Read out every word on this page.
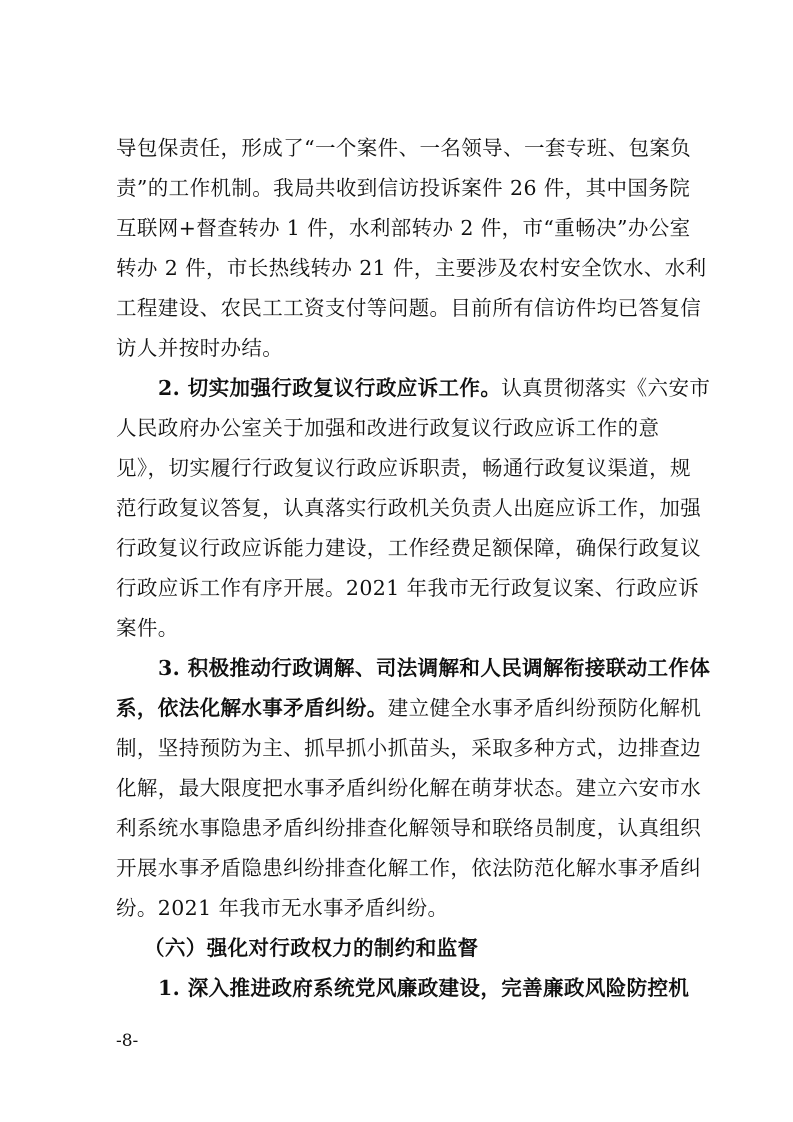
导包保责任，形成了“一个案件、一名领导、一套专班、包案负
责”的工作机制。我局共收到信访投诉案件 26 件，其中国务院
互联网+督查转办 1 件，水利部转办 2 件，市“重畅决”办公室
转办 2 件，市长热线转办 21 件，主要涉及农村安全饮水、水利
工程建设、农民工工资支付等问题。目前所有信访件均已答复信
访人并按时办结。
2. 切实加强行政复议行政应诉工作。认真贯彻落实《六安市
人民政府办公室关于加强和改进行政复议行政应诉工作的意
见》，切实履行行政复议行政应诉职责，畅通行政复议渠道，规
范行政复议答复，认真落实行政机关负责人出庭应诉工作，加强
行政复议行政应诉能力建设，工作经费足额保障，确保行政复议
行政应诉工作有序开展。2021 年我市无行政复议案、行政应诉
案件。
3. 积极推动行政调解、司法调解和人民调解衔接联动工作体
系，依法化解水事矛盾纠纷。建立健全水事矛盾纠纷预防化解机
制，坚持预防为主、抓早抓小抓苗头，采取多种方式，边排查边
化解，最大限度把水事矛盾纠纷化解在萌芽状态。建立六安市水
利系统水事隐患矛盾纠纷排查化解领导和联络员制度，认真组织
开展水事矛盾隐患纠纷排查化解工作，依法防范化解水事矛盾纠
纷。2021 年我市无水事矛盾纠纷。
（六）强化对行政权力的制约和监督
1. 深入推进政府系统党风廉政建设，完善廉政风险防控机
-8-
